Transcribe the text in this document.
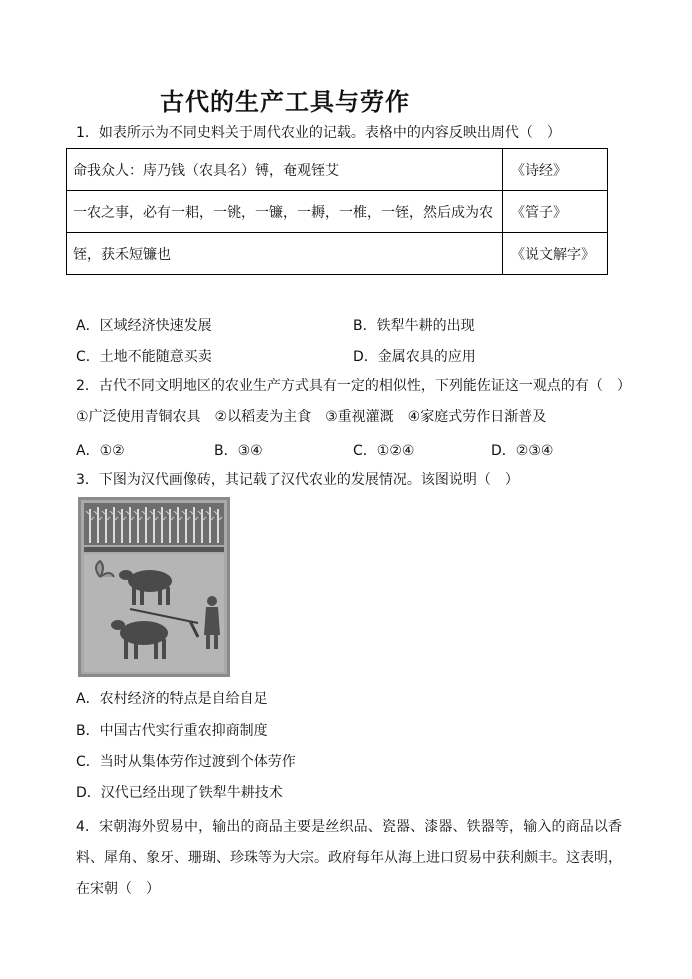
古代的生产工具与劳作
1．如表所示为不同史料关于周代农业的记载。表格中的内容反映出周代（　）
命我众人：庤乃钱（农具名）镈，奄观铚艾	《诗经》
一农之事，必有一耜，一铫，一镰，一耨，一椎，一铚，然后成为农	《管子》
铚，获禾短镰也	《说文解字》
A．区域经济快速发展	B．铁犁牛耕的出现
C．土地不能随意买卖	D．金属农具的应用
2．古代不同文明地区的农业生产方式具有一定的相似性，下列能佐证这一观点的有（　）
①广泛使用青铜农具　②以稻麦为主食　③重视灌溉　④家庭式劳作日渐普及
A．①②	B．③④	C．①②④	D．②③④
3．下图为汉代画像砖，其记载了汉代农业的发展情况。该图说明（　）
A．农村经济的特点是自给自足
B．中国古代实行重农抑商制度
C．当时从集体劳作过渡到个体劳作
D．汉代已经出现了铁犁牛耕技术
4．宋朝海外贸易中，输出的商品主要是丝织品、瓷器、漆器、铁器等，输入的商品以香料、犀角、象牙、珊瑚、珍珠等为大宗。政府每年从海上进口贸易中获利颇丰。这表明，在宋朝（　）
